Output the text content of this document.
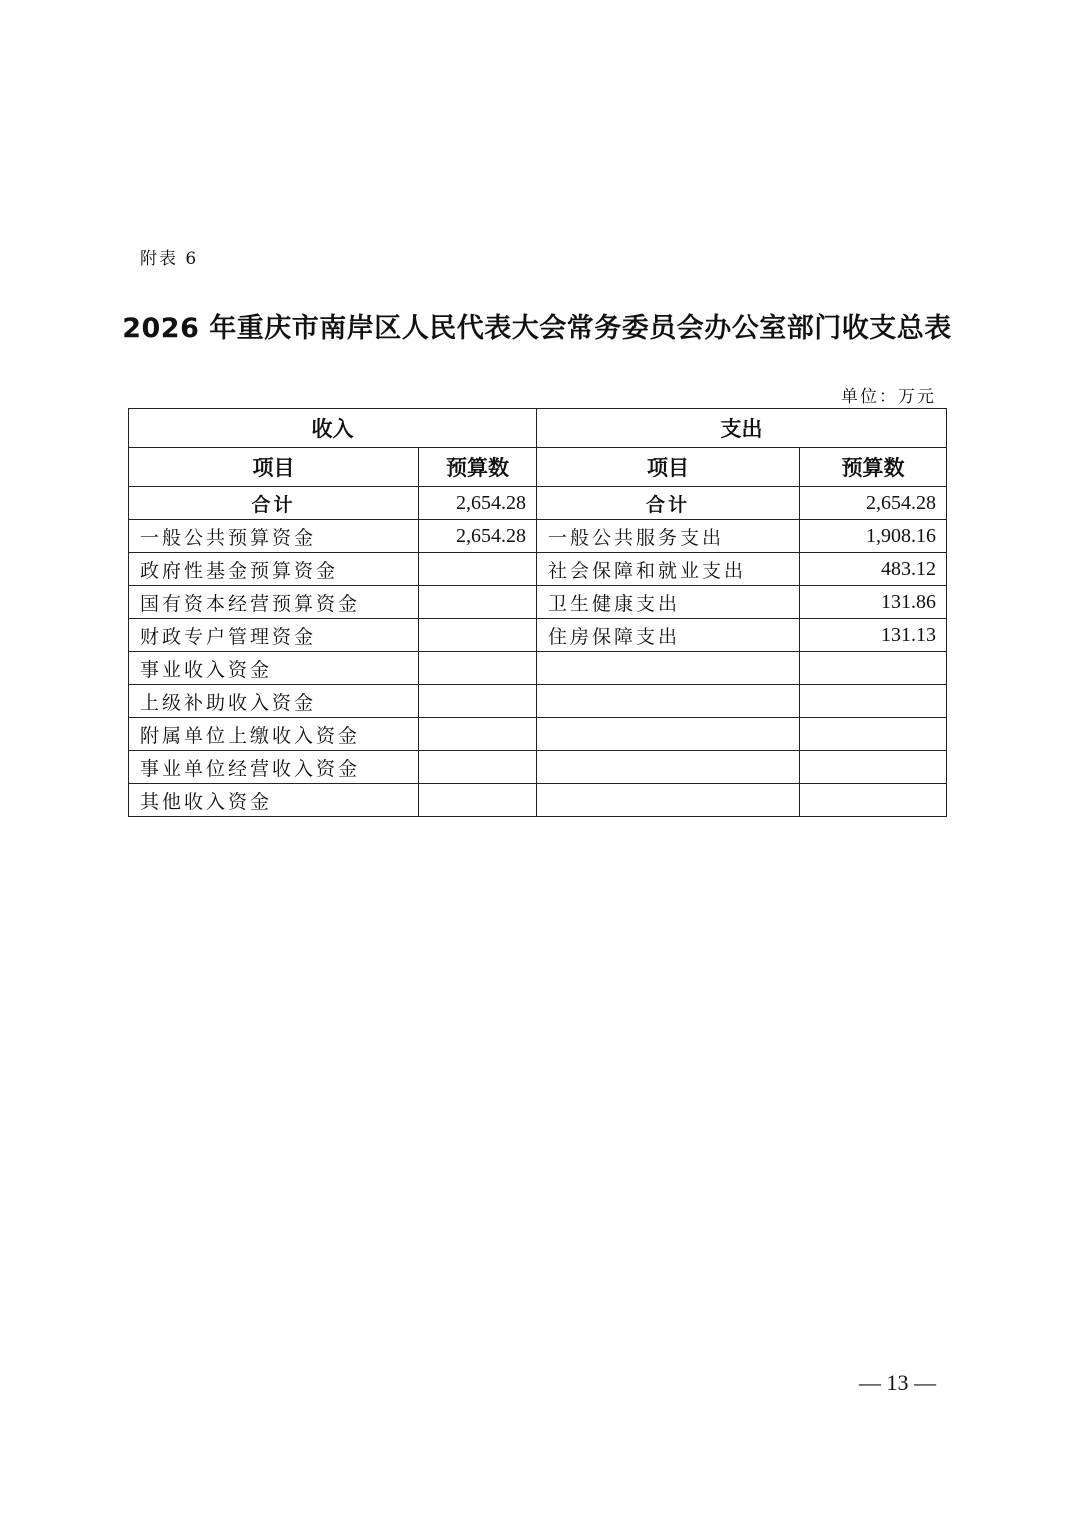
附表 6
2026 年重庆市南岸区人民代表大会常务委员会办公室部门收支总表
单位：万元
收入		支出	
项目	预算数	项目	预算数
合计	2,654.28	合计	2,654.28
一般公共预算资金	2,654.28	一般公共服务支出	1,908.16
政府性基金预算资金		社会保障和就业支出	483.12
国有资本经营预算资金		卫生健康支出	131.86
财政专户管理资金		住房保障支出	131.13
事业收入资金			
上级补助收入资金			
附属单位上缴收入资金			
事业单位经营收入资金			
其他收入资金			
— 13 —
